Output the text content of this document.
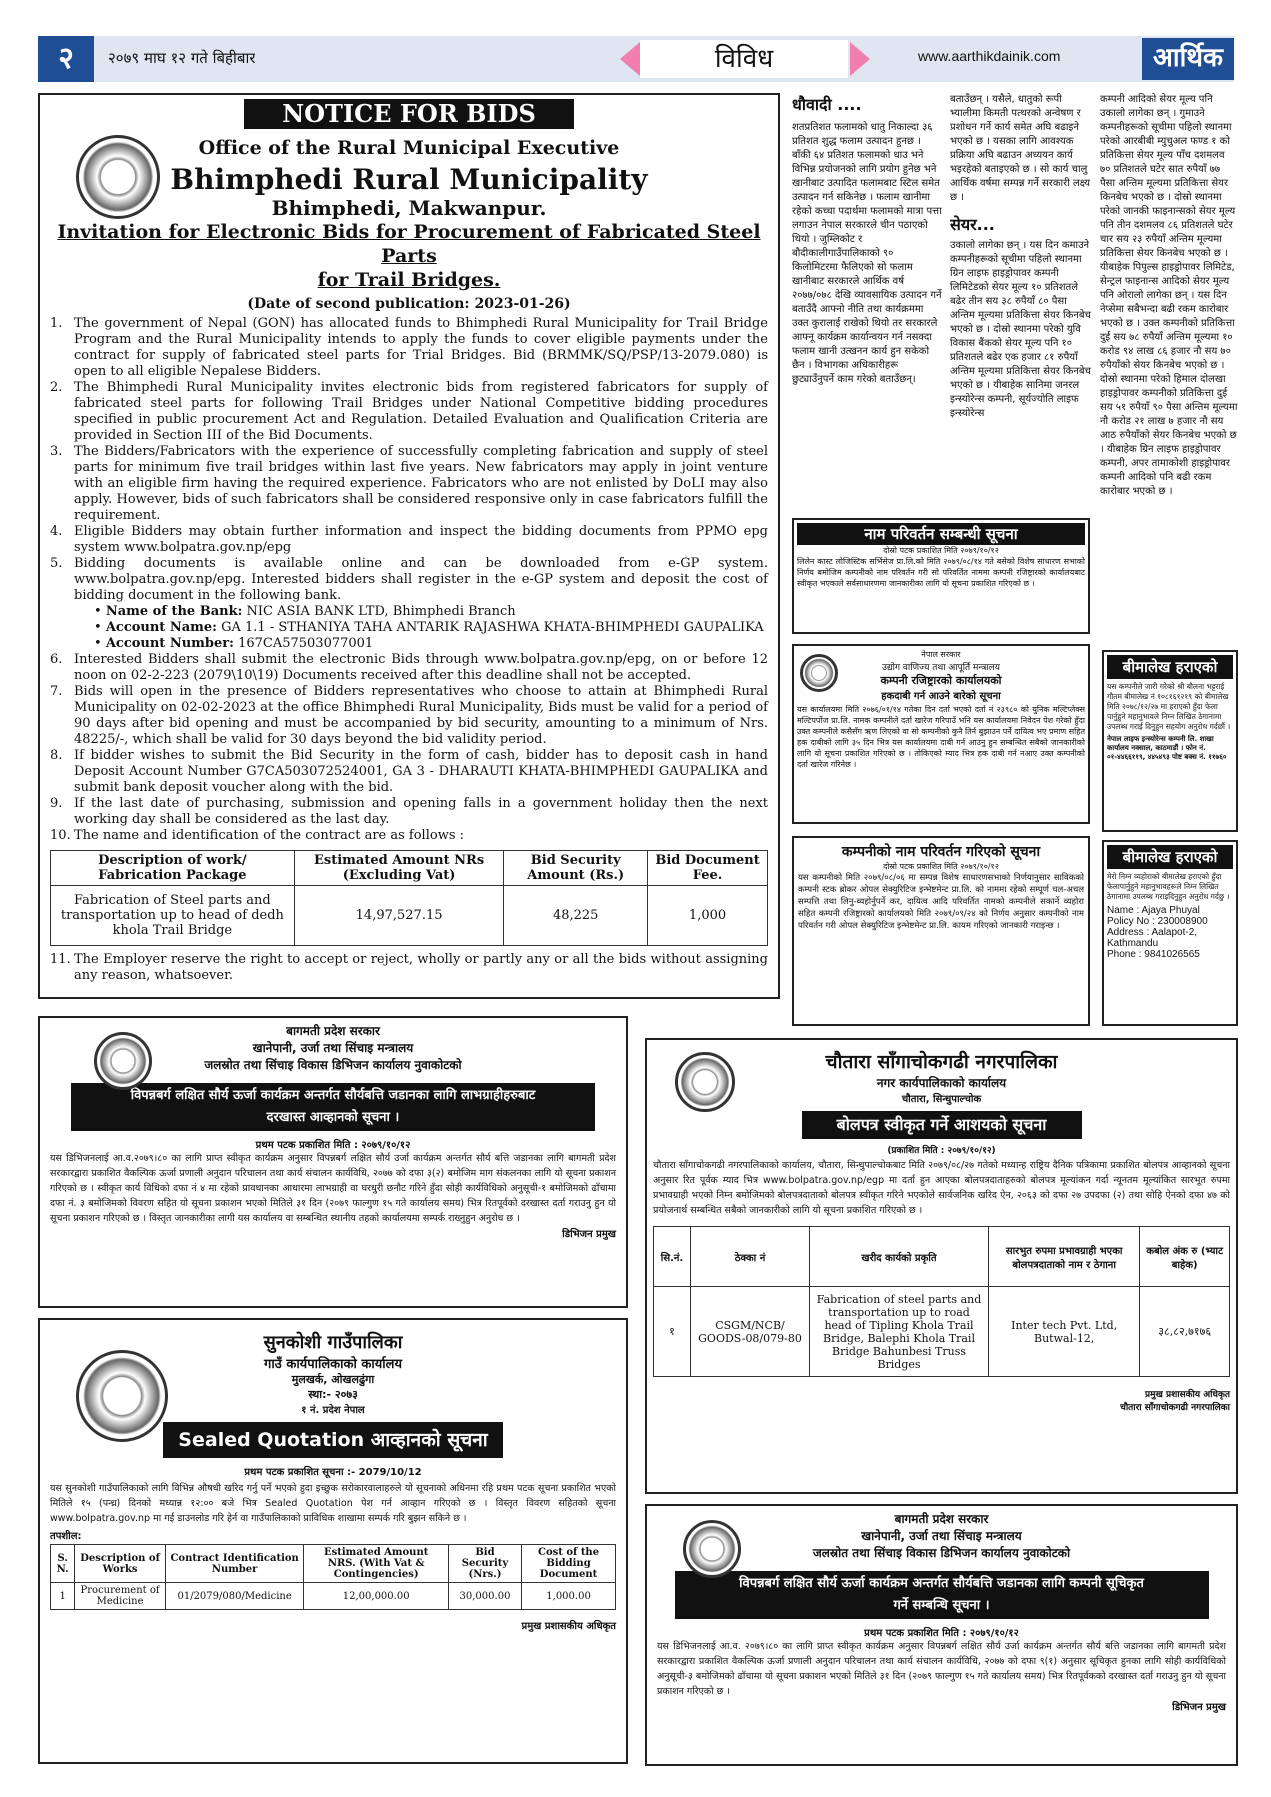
२	२०७९ माघ १२ गते बिहीबार	विविध	www.aarthikdainik.com	आर्थिक
NOTICE FOR BIDS
Office of the Rural Municipal Executive
Bhimphedi Rural Municipality
Bhimphedi, Makwanpur.
Invitation for Electronic Bids for Procurement of Fabricated Steel Parts
for Trail Bridges.
(Date of second publication: 2023-01-26)
1. The government of Nepal (GON) has allocated funds to Bhimphedi Rural Municipality for Trail Bridge Program and the Rural Municipality intends to apply the funds to cover eligible payments under the contract for supply of fabricated steel parts for Trial Bridges. Bid (BRMMK/SQ/PSP/13-2079.080) is open to all eligible Nepalese Bidders.
2. The Bhimphedi Rural Municipality invites electronic bids from registered fabricators for supply of fabricated steel parts for following Trail Bridges under National Competitive bidding procedures specified in public procurement Act and Regulation. Detailed Evaluation and Qualification Criteria are provided in Section III of the Bid Documents.
3. The Bidders/Fabricators with the experience of successfully completing fabrication and supply of steel parts for minimum five trail bridges within last five years. New fabricators may apply in joint venture with an eligible firm having the required experience. Fabricators who are not enlisted by DoLI may also apply. However, bids of such fabricators shall be considered responsive only in case fabricators fulfill the requirement.
4. Eligible Bidders may obtain further information and inspect the bidding documents from PPMO epg system www.bolpatra.gov.np/epg
5. Bidding documents is available online and can be downloaded from e-GP system. www.bolpatra.gov.np/epg. Interested bidders shall register in the e-GP system and deposit the cost of bidding document in the following bank.
• Name of the Bank: NIC ASIA BANK LTD, Bhimphedi Branch
• Account Name: GA 1.1 - STHANIYA TAHA ANTARIK RAJASHWA KHATA-BHIMPHEDI GAUPALIKA
• Account Number: 167CA57503077001
6. Interested Bidders shall submit the electronic Bids through www.bolpatra.gov.np/epg, on or before 12 noon on 02-2-223 (2079\10\19) Documents received after this deadline shall not be accepted.
7. Bids will open in the presence of Bidders representatives who choose to attain at Bhimphedi Rural Municipality on 02-02-2023 at the office Bhimphedi Rural Municipality, Bids must be valid for a period of 90 days after bid opening and must be accompanied by bid security, amounting to a minimum of Nrs. 48225/-, which shall be valid for 30 days beyond the bid validity period.
8. If bidder wishes to submit the Bid Security in the form of cash, bidder has to deposit cash in hand Deposit Account Number G7CA503072524001, GA 3 - DHARAUTI KHATA-BHIMPHEDI GAUPALIKA and submit bank deposit voucher along with the bid.
9. If the last date of purchasing, submission and opening falls in a government holiday then the next working day shall be considered as the last day.
10. The name and identification of the contract are as follows :
Description of work/ Fabrication Package	Estimated Amount NRs (Excluding Vat)	Bid Security Amount (Rs.)	Bid Document Fee.
Fabrication of Steel parts and transportation up to head of dedh khola Trail Bridge	14,97,527.15	48,225	1,000
11. The Employer reserve the right to accept or reject, wholly or partly any or all the bids without assigning any reason, whatsoever.
धौवादी ....

शतप्रतिशत फलामको धातु निकाल्दा ३६ प्रतिशत शुद्ध फलाम उत्पादन हुनछ । बाँकी ६४ प्रतिशत फलामको धाउ भने विभिन्न प्रयोजनको लागि प्रयोग हुनेछ भने खानीबाट उत्पादित फलामबाट स्टिल समेत उत्पादन गर्न सकिनेछ । फलाम खानीमा रहेको कच्चा पदार्थमा फलामको मात्रा पत्ता लगाउन नेपाल सरकारले चीन पठाएको थियो । जुम्लिकोट र बौदीकालीगाउँपालिकाको ९० किलोमिटरमा फैलिएको सो फलाम खानीबाट सरकारले आर्थिक वर्ष २०७७/०७८ देखि व्यावसायिक उत्पादन गर्ने बताउँदै आफ्नो नीति तथा कार्यक्रममा उक्त कुरालाई राखेको थियो तर सरकारले आफ्नू कार्यक्रम कार्यान्वयन गर्न नसक्दा फलाम खानी उत्खनन कार्य हुन सकेको छैन । विभागका अधिकारीहरू छुट्याउँनुपर्ने काम गरेको बताउँछन्।

बताउँछन् । यसैले, धातुको रूपी भ्यालीमा किमती पत्थरको अन्वेषण र प्रशोधन गर्ने कार्य समेत अघि बढाइने भएको छ । यसका लागि आवश्यक प्रक्रिया अघि बढाउन अध्ययन कार्य भइरहेको बताइएको छ । सो कार्य चालु आर्थिक वर्षमा सम्पन्न गर्ने सरकारी लक्ष्य छ ।

सेयर...

उकालो लागेका छन् । यस दिन कमाउने कम्पनीहरूको सूचीमा पहिलो स्थानमा ग्रिन लाइफ हाइड्रोपावर कम्पनी लिमिटेडको सेयर मूल्य १० प्रतिशतले बढेर तीन सय ३८ रुपैयाँ ८० पैसा अन्तिम मूल्यमा प्रतिकित्ता सेयर किनबेच भएको छ । दोस्रो स्थानमा परेको युवि विकास बैंकको सेयर मूल्य पनि १० प्रतिशतले बढेर एक हजार ८१ रुपैयाँ अन्तिम मूल्यमा प्रतिकित्ता सेयर किनबेच भएको छ । यीबाहेक सानिमा जनरल इन्स्योरेन्स कम्पनी, सूर्यज्योति लाइफ इन्स्योरेन्स

कम्पनी आदिको सेयर मूल्य पनि उकालो लागेका छन् । गुमाउने कम्पनीहरूको सूचीमा पहिलो स्थानमा परेको आरबीबी म्युचुअल फण्ड १ को प्रतिकित्ता सेयर मूल्य पाँच दशमलव ७० प्रतिशतले घटेर सात रुपैयाँ ७७ पैसा अन्तिम मूल्यमा प्रतिकित्ता सेयर किनबेच भएको छ । दोस्रो स्थानमा परेको जानकी फाइनान्सको सेयर मूल्य पनि तीन दशमलव ८६ प्रतिशतले घटेर चार सय २३ रुपैयाँ अन्तिम मूल्यमा प्रतिकित्ता सेयर किनबेच भएको छ । यीबाहेक पिपुल्स हाइड्रोपावर लिमिटेड, सेन्ट्रल फाइनान्स आदिको सेयर मूल्य पनि ओरालो लागेका छन् । यस दिन नेप्सेमा सबैभन्दा बढी रकम कारोबार भएको छ । उक्त कम्पनीको प्रतिकित्ता दुई सय ७८ रुपैयाँ अन्तिम मूल्यमा १० करोड ९४ लाख ८६ हजार नौ सय ७० रुपैयाँको सेयर किनबेच भएको छ । दोस्रो स्थानमा परेको हिमाल दोलखा हाइड्रोपावर कम्पनीको प्रतिकित्ता दुई सय ५१ रुपैयाँ ९० पैसा अन्तिम मूल्यमा नौ करोड २१ लाख ७ हजार नौ सय आठ रुपैयाँको सेयर किनबेच भएको छ । यीबाहेक ग्रिन लाइफ हाइड्रोपावर कम्पनी, अपर तामाकोशी हाइड्रोपावर कम्पनी आदिको पनि बढी रकम कारोबार भएको छ ।

नाम परिवर्तन सम्बन्धी सूचना
दोस्रो पटक प्रकाशित मिति २०७९/१०/१२

लिलेन कास्ट लोजिस्टिक सर्भिसेज प्रा.लि.को मिति २०७९/०८/१४ गते बसेको विशेष साधारण सभाको निर्णय बमोजिम कम्पनीको नाम परिवर्तन गरी सो परिवर्तित नाममा कम्पनी रजिष्ट्रारको कार्यालयबाट स्वीकृत भएकाले सर्वसाधारणमा जानकारीका लागि यो सूचना प्रकाशित गरिएको छ ।

नेपाल सरकार
उद्योग वाणिज्य तथा आपूर्ति मन्त्रालय
कम्पनी रजिष्ट्रारको कार्यालयको
हकदाबी गर्न आउने बारेको सूचना

यस कार्यालयमा मिति २०७६/०१/१४ गतेका दिन दर्ता भएको दर्ता नं २३९८० को युनिक मल्टिप्लेक्स मल्टिपर्पोज प्रा.लि. नामक कम्पनीले दर्ता खारेज गरिपाउँ भनि यस कार्यालयमा निवेदन पेश गरेको हुँदा उक्त कम्पनीले कसैसँग ऋण लिएको वा सो कम्पनीको कुनै तिर्न बुझाउन पर्ने दायित्व भए प्रमाण सहित हक दाबीको लागि ३५ दिन भित्र यस कार्यालयमा दाबी गर्न आउनु हुन सम्बन्धित सबैको जानकारीको लागि यो सूचना प्रकाशित गरिएको छ । तोकिएको म्याद भित्र हक दाबी गर्न नआए उक्त कम्पनीको दर्ता खारेज गरिनेछ ।

कम्पनीको नाम परिवर्तन गरिएको सूचना
दोस्रो पटक प्रकाशित मिति २०७९/१०/१२

यस कम्पनीको मिति २०७९/०८/०६ मा सम्पन्न विशेष साधारणसभाको निर्णयानुसार साविकको कम्पनी स्टक ब्रोकर ओपल सेक्युरिटिज इन्भेष्टमेन्ट प्रा.लि. को नाममा रहेको सम्पूर्ण चल-अचल सम्पत्ति तथा लिनु-व्यहोर्नुपर्ने कर, दायित्व आदि परिवर्तित नामको कम्पनीले सकार्ने व्यहोरा सहित कम्पनी रजिष्ट्रारको कार्यालयको मिति २०७९/०९/२४ को निर्णय अनुसार कम्पनीको नाम परिवर्तन गरी ओपल सेक्युरिटिज इन्भेष्टमेन्ट प्रा.लि. कायम गरिएको जानकारी गराइन्छ ।

बीमालेख हराएको

यस कम्पनीले जारी गरेको श्री बौलना भट्टराई गौतम बीमालेख नं १०८१६१२१९ को बीमालेख मिति २०७८/१२/२७ मा हराएको हुँदा फेला पार्नुहुने महानुभावले निम्न लिखित ठेगानामा उपलब्ध गराई दिनुहुन सहयोग अनुरोध गर्दछौं ।

नेपाल लाइफ इन्स्योरेन्स कम्पनी लि. शाखा कार्यालय नक्साल, काठमाडौं । फोन नं. ०१-४४६६११९, ४४५४९३ पोष्ट बक्स नं. ११७६०

बीमालेख हराएको

मेरो निम्न व्यहोराको बीमालेख हराएको हुँदा फेलापार्नुहुने महानुभावहरूले निम्न लिखित ठेगानामा उपलब्ध गराइदिनुहुन अनुरोध गर्दछु ।

Name : Ajaya Phuyal
Policy No : 230008900
Address : Aalapot-2, Kathmandu
Phone : 9841026565
बागमती प्रदेश सरकार
खानेपानी, उर्जा तथा सिंचाइ मन्त्रालय
जलस्रोत तथा सिंचाइ विकास डिभिजन कार्यालय नुवाकोटको
विपन्नबर्ग लक्षित सौर्य ऊर्जा कार्यक्रम अन्तर्गत सौर्यबत्ति जडानका लागि लाभग्राहीहरुबाट
दरखास्त आव्हानको सूचना ।
प्रथम पटक प्रकाशित मिति : २०७९/१०/१२

यस डिभिजनलाई आ.व.२०७९।८० का लागि प्राप्त स्वीकृत कार्यक्रम अनुसार विपन्नबर्ग लक्षित सौर्य उर्जा कार्यक्रम अन्तर्गत सौर्य बत्ति जडानका लागि बागमती प्रदेश सरकारद्वारा प्रकाशित वैकल्पिक ऊर्जा प्रणाली अनुदान परिचालन तथा कार्य संचालन कार्यविधि, २०७७ को दफा ३(२) बमोजिम माग संकलनका लागि यो सूचना प्रकाशन गरिएको छ । स्वीकृत कार्य विधिको दफा नं ४ मा रहेको प्रावधानका आधारमा लाभग्राही वा घरधुरी छनौट गरिने हुँदा सोही कार्यविधिको अनुसूची-१ बमोजिमको ढाँचामा दफा नं. ३ बमोजिमको विवरण सहित यो सूचना प्रकाशन भएको मितिले ३१ दिन (२०७९ फाल्गुण १५ गते कार्यालय समय) भित्र रितपूर्वको दरखास्त दर्ता गराउनु हुन यो सूचना प्रकाशन गरिएको छ । विस्तृत जानकारीका लागी यस कार्यालय वा सम्बन्धित स्थानीय तहको कार्यालयमा सम्पर्क राख्नुहुन अनुरोध छ ।

डिभिजन प्रमुख
सुनकोशी गाउँपालिका
गाउँ कार्यपालिकाको कार्यालय
मुलखर्क, ओखलढुंगा
स्था:- २०७३
१ नं. प्रदेश नेपाल
Sealed Quotation आव्हानको सूचना
प्रथम पटक प्रकाशित सूचना :- 2079/10/12

यस सुनकोशी गाउँपालिकाको लागि विभिन्न औषधी खरिद गर्नु पर्ने भएको हुदा इच्छुक सरोकारवालाहरुले यो सूचनाको अधिनमा रहि प्रथम पटक सूचना प्रकाशित भएको मितिले १५ (पन्ध्र) दिनको मध्यान्न १२:०० बजे भित्र Sealed Quotation पेश गर्न आव्हान गरिएको छ । विस्तृत विवरण सहितको सूचना www.bolpatra.gov.np मा गई डाउनलोड गरि हेर्न वा गाउँपालिकाको प्राविधिक शाखामा सम्पर्क गरि बुझन सकिने छ ।

तपशील:
S. N.	Description of Works	Contract Identification Number	Estimated Amount NRS. (With Vat & Contingencies)	Bid Security (Nrs.)	Cost of the Bidding Document
1	Procurement of Medicine	01/2079/080/Medicine	12,00,000.00	30,000.00	1,000.00
प्रमुख प्रशासकीय अधिकृत
चौतारा साँगाचोकगढी नगरपालिका
नगर कार्यपालिकाको कार्यालय
चौतारा, सिन्धुपाल्चोक
बोलपत्र स्वीकृत गर्ने आशयको सूचना
(प्रकाशित मिति : २०७९/१०/१२)

चौतारा साँगाचोकगढी नगरपालिकाको कार्यालय, चौतारा, सिन्धुपाल्चोकबाट मिति २०७९/०८/२७ गतेको मध्यान्ह राष्ट्रिय दैनिक पत्रिकामा प्रकाशित बोलपत्र आव्हानको सूचना अनुसार रित पूर्वक म्याद भित्र www.bolpatra.gov.np/egp मा दर्ता हुन आएका बोलपत्रदाताहरुको बोलपत्र मूल्यांकन गर्दा न्यूनतम मूल्यांकित सारभूत रुपमा प्रभावग्राही भएको निम्न बमोजिमको बोलपत्रदाताको बोलपत्र स्वीकृत गरिने भएकोले सार्वजनिक खरिद ऐन, २०६३ को दफा २७ उपदफा (२) तथा सोहि ऐनको दफा ४७ को प्रयोजनार्थ सम्बन्धित सबैको जानकारीको लागि यो सूचना प्रकाशित गरिएको छ ।

सि.नं.	ठेक्का नं	खरीद कार्यको प्रकृति	सारभुत रुपमा प्रभावग्राही भएका बोलपत्रदाताको नाम र ठेगाना	कबोल अंक रु (भ्याट बाहेक)
१	CSGM/NCB/ GOODS-08/079-80	Fabrication of steel parts and transportation up to road head of Tipling Khola Trail Bridge, Balephi Khola Trail Bridge Bahunbesi Truss Bridges	Inter tech Pvt. Ltd, Butwal-12,	३८,८२,७१७६
प्रमुख प्रशासकीय अधिकृत
चौतारा साँगाचोकगढी नगरपालिका
बागमती प्रदेश सरकार
खानेपानी, उर्जा तथा सिंचाइ मन्त्रालय
जलस्रोत तथा सिंचाइ विकास डिभिजन कार्यालय नुवाकोटको
विपन्नबर्ग लक्षित सौर्य ऊर्जा कार्यक्रम अन्तर्गत सौर्यबत्ति जडानका लागि कम्पनी सूचिकृत
गर्ने सम्बन्धि सूचना ।
प्रथम पटक प्रकाशित मिति : २०७९/१०/१२

यस डिभिजनलाई आ.व. २०७९।८० का लागि प्राप्त स्वीकृत कार्यक्रम अनुसार विपन्नबर्ग लक्षित सौर्य उर्जा कार्यक्रम अन्तर्गत सौर्य बत्ति जडानका लागि बागमती प्रदेश सरकारद्वारा प्रकाशित वैकल्पिक ऊर्जा प्रणाली अनुदान परिचालन तथा कार्य संचालन कार्यविधि, २०७७ को दफा ९(१) अनुसार सूचिकृत हुनका लागि सोही कार्यविधिको अनुसूची-३ बमोजिमको ढाँचामा यो सूचना प्रकाशन भएको मितिले ३१ दिन (२०७९ फाल्गुण १५ गते कार्यालय समय) भित्र रितपूर्वकको दरखास्त दर्ता गराउनु हुन यो सूचना प्रकाशन गरिएको छ ।

डिभिजन प्रमुख
